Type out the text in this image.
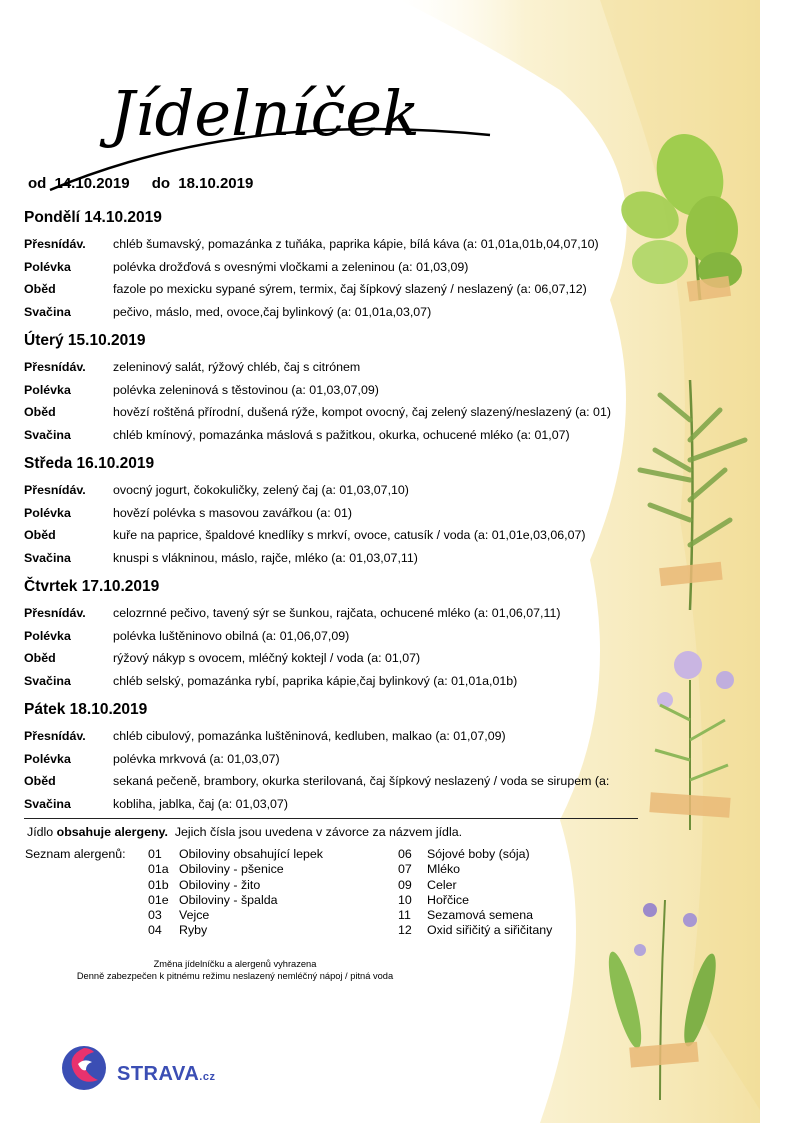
Jídelníček
od 14.10.2019 do 18.10.2019
Pondělí 14.10.2019
Přesnídáv. chléb šumavský, pomazánka z tuňáka, paprika kápie, bílá káva (a: 01,01a,01b,04,07,10)
Polévka	polévka drožďová s ovesnými vločkami a zeleninou (a: 01,03,09)
Oběd	fazole po mexicku sypané sýrem, termix, čaj šípkový slazený / neslazený (a: 06,07,12)
Svačina	pečivo, máslo, med, ovoce,čaj bylinkový (a: 01,01a,03,07)
Úterý 15.10.2019
Přesnídáv. zeleninový salát, rýžový chléb, čaj s citrónem
Polévka	polévka zeleninová s těstovinou (a: 01,03,07,09)
Oběd	hovězí roštěná přírodní, dušená rýže, kompot ovocný, čaj zelený slazený/neslazený (a: 01)
Svačina	chléb kmínový, pomazánka máslová s pažitkou, okurka, ochucené mléko (a: 01,07)
Středa 16.10.2019
Přesnídáv. ovocný jogurt, čokokuličky, zelený čaj (a: 01,03,07,10)
Polévka	hovězí polévka s masovou zavářkou (a: 01)
Oběd	kuře na paprice, špaldové knedlíky s mrkví, ovoce, catusík / voda (a: 01,01e,03,06,07)
Svačina	knuspi s vlákninou, máslo, rajče, mléko (a: 01,03,07,11)
Čtvrtek 17.10.2019
Přesnídáv. celozrnné pečivo, tavený sýr se šunkou, rajčata, ochucené mléko (a: 01,06,07,11)
Polévka	polévka luštěninovo obilná (a: 01,06,07,09)
Oběd	rýžový nákyp s ovocem, mléčný koktejl / voda (a: 01,07)
Svačina	chléb selský, pomazánka rybí, paprika kápie,čaj bylinkový (a: 01,01a,01b)
Pátek 18.10.2019
Přesnídáv. chléb cibulový, pomazánka luštěninová, kedluben, malkao (a: 01,07,09)
Polévka	polévka mrkvová (a: 01,03,07)
Oběd	sekaná pečeně, brambory, okurka sterilovaná, čaj šípkový neslazený / voda se sirupem (a:
Svačina	kobliha, jablka, čaj (a: 01,03,07)
Jídlo obsahuje alergeny.  Jejich čísla jsou uvedena v závorce za názvem jídla.
Seznam alergenů: 01 Obiloviny obsahující lepek
01a Obiloviny - pšenice
01b Obiloviny - žito
01e Obiloviny - špalda
03 Vejce
04 Ryby
06 Sójové boby (sója)
07 Mléko
09 Celer
10 Hořčice
11 Sezamová semena
12 Oxid siřičitý a siřičitany
Změna jídelníčku a alergenů vyhrazena
Denně zabezpečen k pitnému režimu neslazený nemléčný nápoj / pitná voda
STRAVA.cz
